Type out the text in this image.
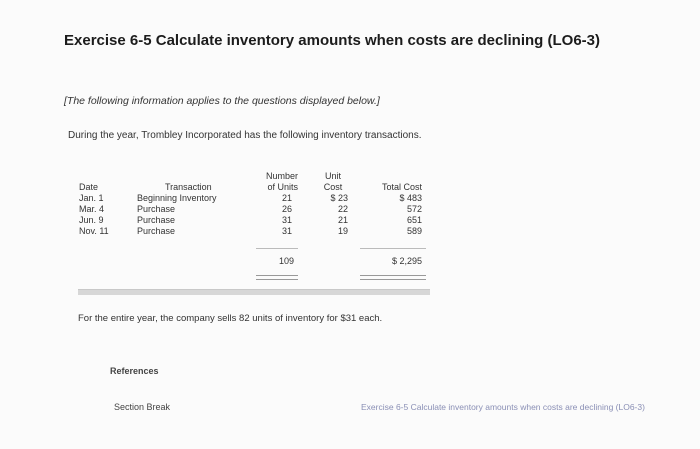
Exercise 6-5 Calculate inventory amounts when costs are declining (LO6-3)
[The following information applies to the questions displayed below.]
During the year, Trombley Incorporated has the following inventory transactions.
Date
Jan. 1
Mar. 4
Jun. 9
Nov. 11
Transaction
Beginning Inventory
Purchase
Purchase
Purchase
Number
of Units
21
26
31
31
Unit
Cost
$ 23
22
21
19
Total Cost
$ 483
572
651
589
109	$ 2,295
For the entire year, the company sells 82 units of inventory for $31 each.
References
Section Break	Exercise 6-5 Calculate inventory amounts when costs are declining (LO6-3)
